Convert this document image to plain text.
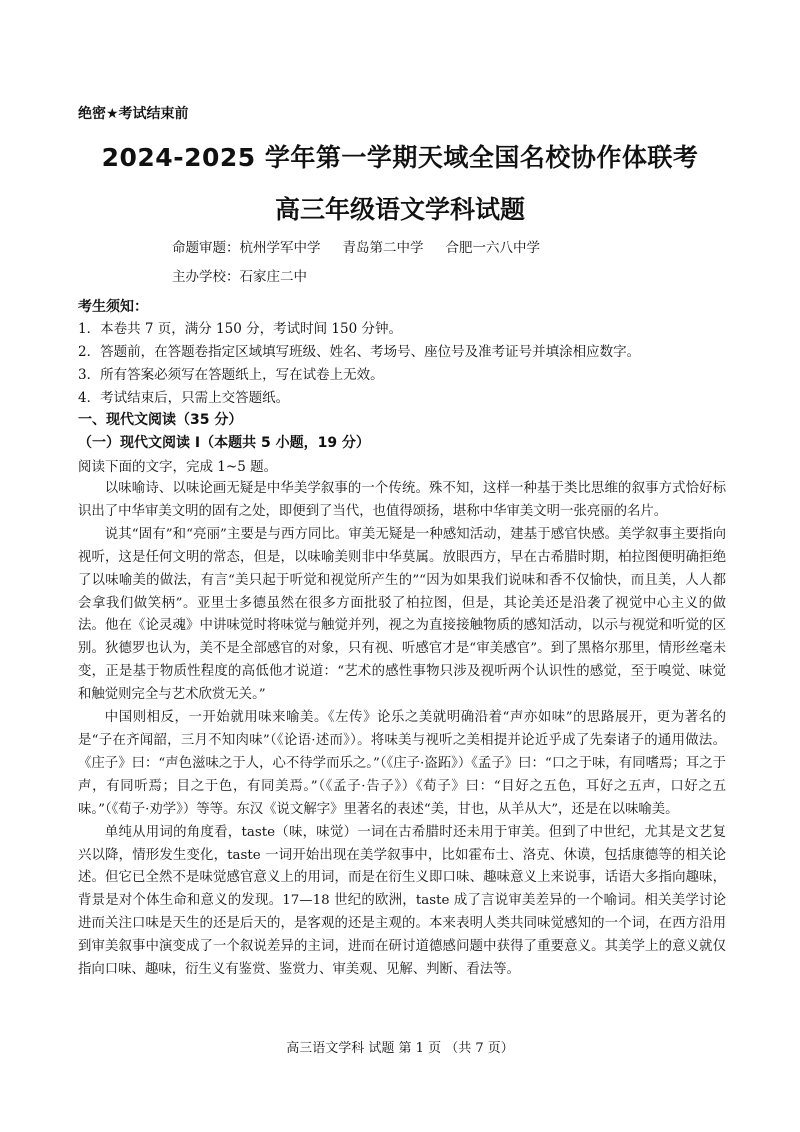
绝密★考试结束前
2024-2025 学年第一学期天域全国名校协作体联考
高三年级语文学科试题
命题审题：杭州学军中学 青岛第二中学 合肥一六八中学
主办学校：石家庄二中
考生须知：
1．本卷共 7 页，满分 150 分，考试时间 150 分钟。
2．答题前，在答题卷指定区域填写班级、姓名、考场号、座位号及准考证号并填涂相应数字。
3．所有答案必须写在答题纸上，写在试卷上无效。
4．考试结束后，只需上交答题纸。
一、现代文阅读（35 分）
（一）现代文阅读 I（本题共 5 小题，19 分）
阅读下面的文字，完成 1~5 题。

以味喻诗、以味论画无疑是中华美学叙事的一个传统。殊不知，这样一种基于类比思维的叙事方式恰好标识出了中华审美文明的固有之处，即便到了当代，也值得颂扬，堪称中华审美文明一张亮丽的名片。

说其“固有”和“亮丽”主要是与西方同比。审美无疑是一种感知活动，建基于感官快感。美学叙事主要指向视听，这是任何文明的常态，但是，以味喻美则非中华莫属。放眼西方，早在古希腊时期，柏拉图便明确拒绝了以味喻美的做法，有言“美只起于听觉和视觉所产生的”“因为如果我们说味和香不仅愉快，而且美，人人都会拿我们做笑柄”。亚里士多德虽然在很多方面批驳了柏拉图，但是，其论美还是沿袭了视觉中心主义的做法。他在《论灵魂》中讲味觉时将味觉与触觉并列，视之为直接接触物质的感知活动，以示与视觉和听觉的区别。狄德罗也认为，美不是全部感官的对象，只有视、听感官才是“审美感官”。到了黑格尔那里，情形丝毫未变，正是基于物质性程度的高低他才说道：“艺术的感性事物只涉及视听两个认识性的感觉，至于嗅觉、味觉和触觉则完全与艺术欣赏无关。”

中国则相反，一开始就用味来喻美。《左传》论乐之美就明确沿着“声亦如味”的思路展开，更为著名的是“子在齐闻韶，三月不知肉味”（《论语·述而》）。将味美与视听之美相提并论近乎成了先秦诸子的通用做法。《庄子》曰：“声色滋味之于人，心不待学而乐之。”（《庄子·盗跖》）《孟子》曰：“口之于味，有同嗜焉；耳之于声，有同听焉；目之于色，有同美焉。”（《孟子·告子》）《荀子》曰：“目好之五色，耳好之五声，口好之五味。”（《荀子·劝学》）等等。东汉《说文解字》里著名的表述“美，甘也，从羊从大”，还是在以味喻美。

单纯从用词的角度看，taste（味，味觉）一词在古希腊时还未用于审美。但到了中世纪，尤其是文艺复兴以降，情形发生变化，taste 一词开始出现在美学叙事中，比如霍布士、洛克、休谟，包括康德等的相关论述。但它已全然不是味觉感官意义上的用词，而是在衍生义即口味、趣味意义上来说事，话语大多指向趣味，背景是对个体生命和意义的发现。17—18 世纪的欧洲，taste 成了言说审美差异的一个喻词。相关美学讨论进而关注口味是天生的还是后天的，是客观的还是主观的。本来表明人类共同味觉感知的一个词，在西方沿用到审美叙事中演变成了一个叙说差异的主词，进而在研讨道德感问题中获得了重要意义。其美学上的意义就仅指向口味、趣味，衍生义有鉴赏、鉴赏力、审美观、见解、判断、看法等。

高三语文学科 试题 第 1 页 （共 7 页）
